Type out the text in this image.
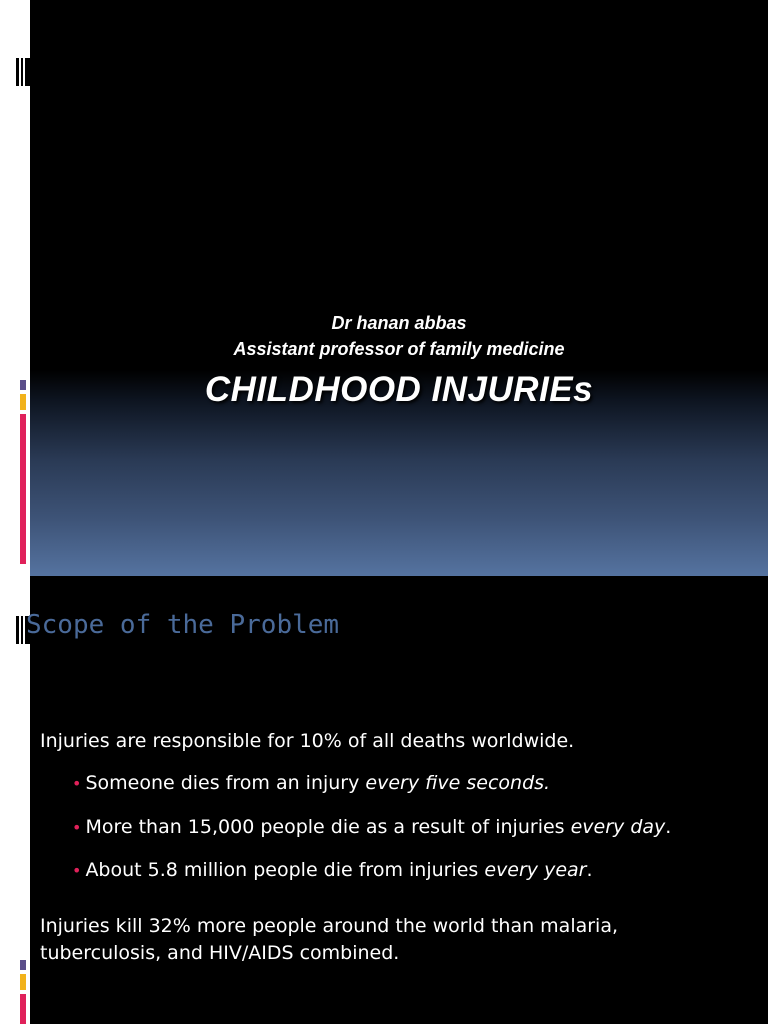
Dr hanan abbas
Assistant professor of family medicine
CHILDHOOD INJURIEs
Scope of the Problem
Injuries are responsible for 10% of all deaths worldwide.
• Someone dies from an injury every five seconds.
• More than 15,000 people die as a result of injuries every day.
• About 5.8 million people die from injuries every year.
Injuries kill 32% more people around the world than malaria, tuberculosis, and HIV/AIDS combined.
